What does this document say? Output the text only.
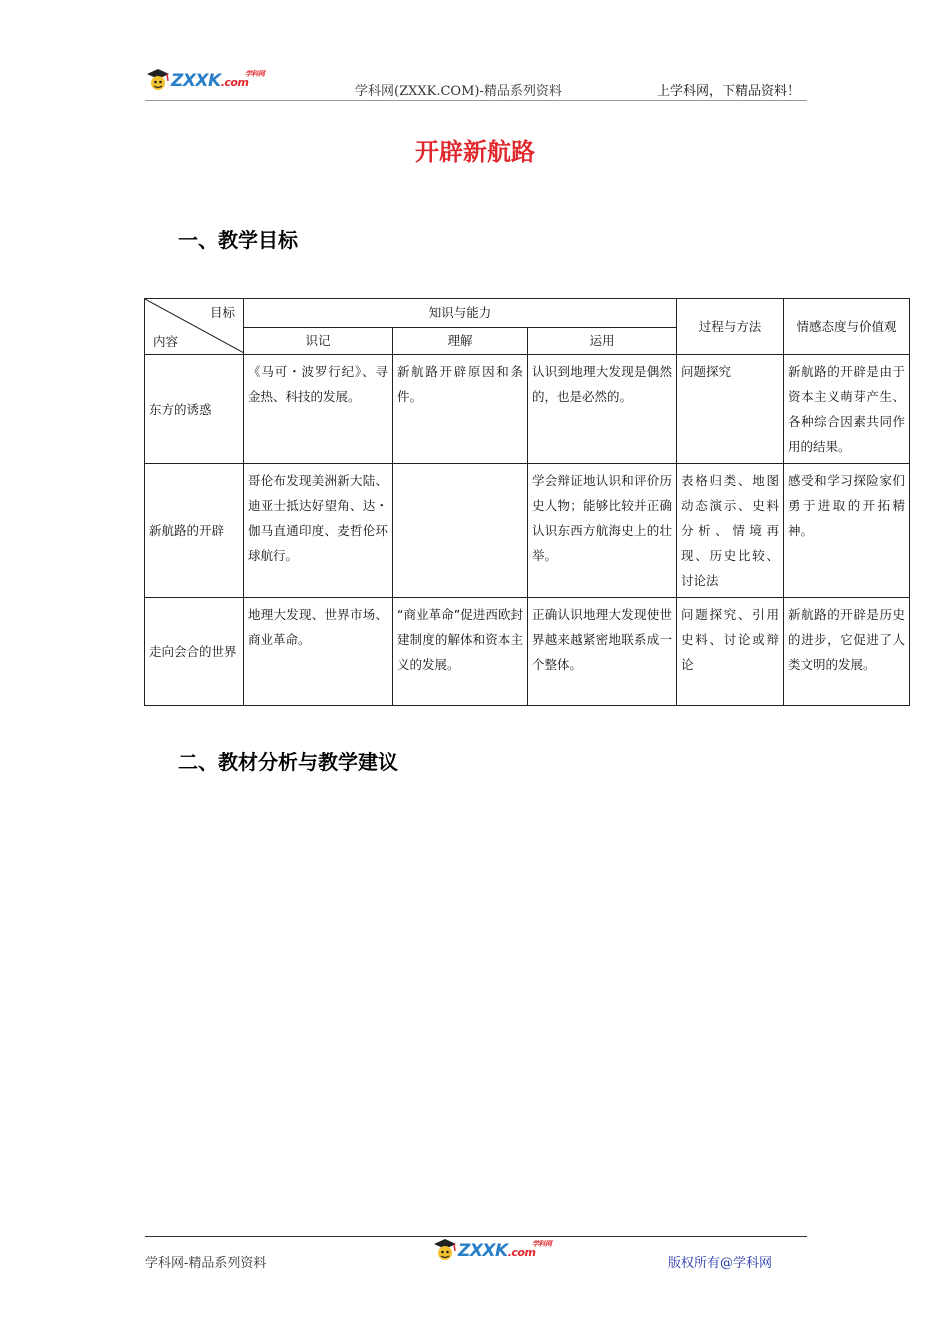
ZXXK.com
学科网
学科网(ZXXK.COM)-精品系列资料	上学科网，下精品资料！
开辟新航路
一、教学目标
目标
内容	知识与能力			过程与方法	情感态度与价值观
	识记	理解	运用		
东方的诱惑	《马可・波罗行纪》、寻金热、科技的发展。	新航路开辟原因和条件。	认识到地理大发现是偶然的，也是必然的。	问题探究	新航路的开辟是由于资本主义萌芽产生、各种综合因素共同作用的结果。
新航路的开辟	哥伦布发现美洲新大陆、迪亚士抵达好望角、达・伽马直通印度、麦哲伦环球航行。		学会辩证地认识和评价历史人物；能够比较并正确认识东西方航海史上的壮举。	表格归类、地图动态演示、史料分析、情境再现、历史比较、讨论法	感受和学习探险家们勇于进取的开拓精神。
走向会合的世界	地理大发现、世界市场、商业革命。	“商业革命”促进西欧封建制度的解体和资本主义的发展。	正确认识地理大发现使世界越来越紧密地联系成一个整体。	问题探究、引用史料、讨论或辩论	新航路的开辟是历史的进步，它促进了人类文明的发展。
二、教材分析与教学建议
学科网-精品系列资料
ZXXK.com
学科网
版权所有@学科网
